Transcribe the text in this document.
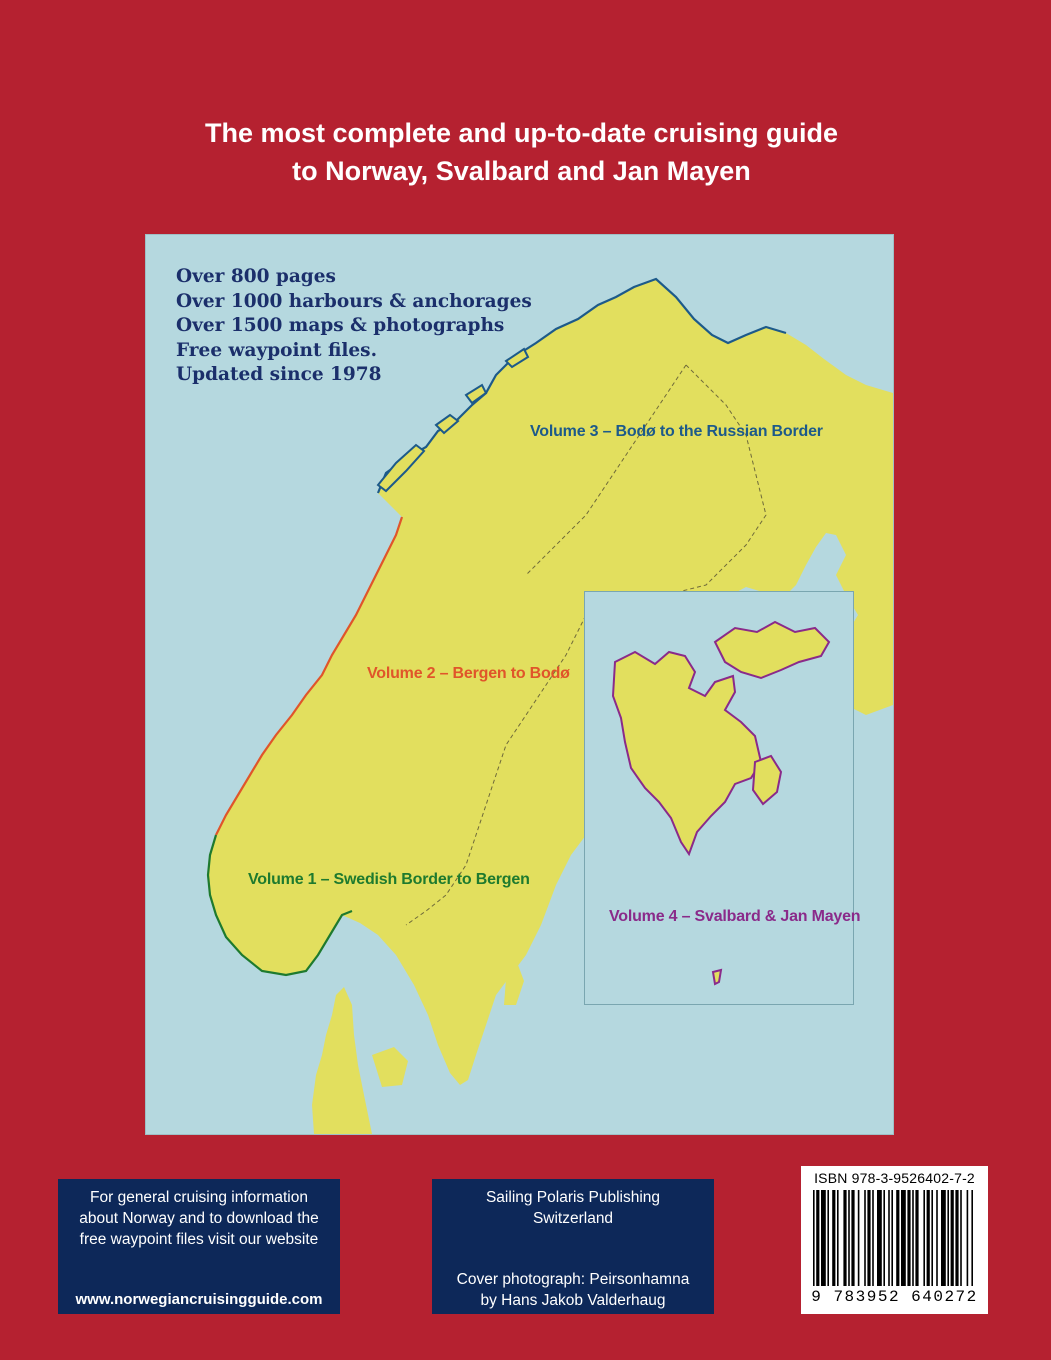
The most complete and up-to-date cruising guide
to Norway, Svalbard and Jan Mayen
Over 800 pages
Over 1000 harbours & anchorages
Over 1500 maps & photographs
Free waypoint files.
Updated since 1978
Volume 3 – Bodø to the Russian Border
Volume 2 – Bergen to Bodø
Volume 1 – Swedish Border to Bergen
Volume 4 – Svalbard & Jan Mayen
For general cruising information
about Norway and to download the
free waypoint files visit our website
www.norwegiancruisingguide.com
Sailing Polaris Publishing
Switzerland
Cover photograph: Peirsonhamna
by Hans Jakob Valderhaug
ISBN 978-3-9526402-7-2
9 783952 640272
